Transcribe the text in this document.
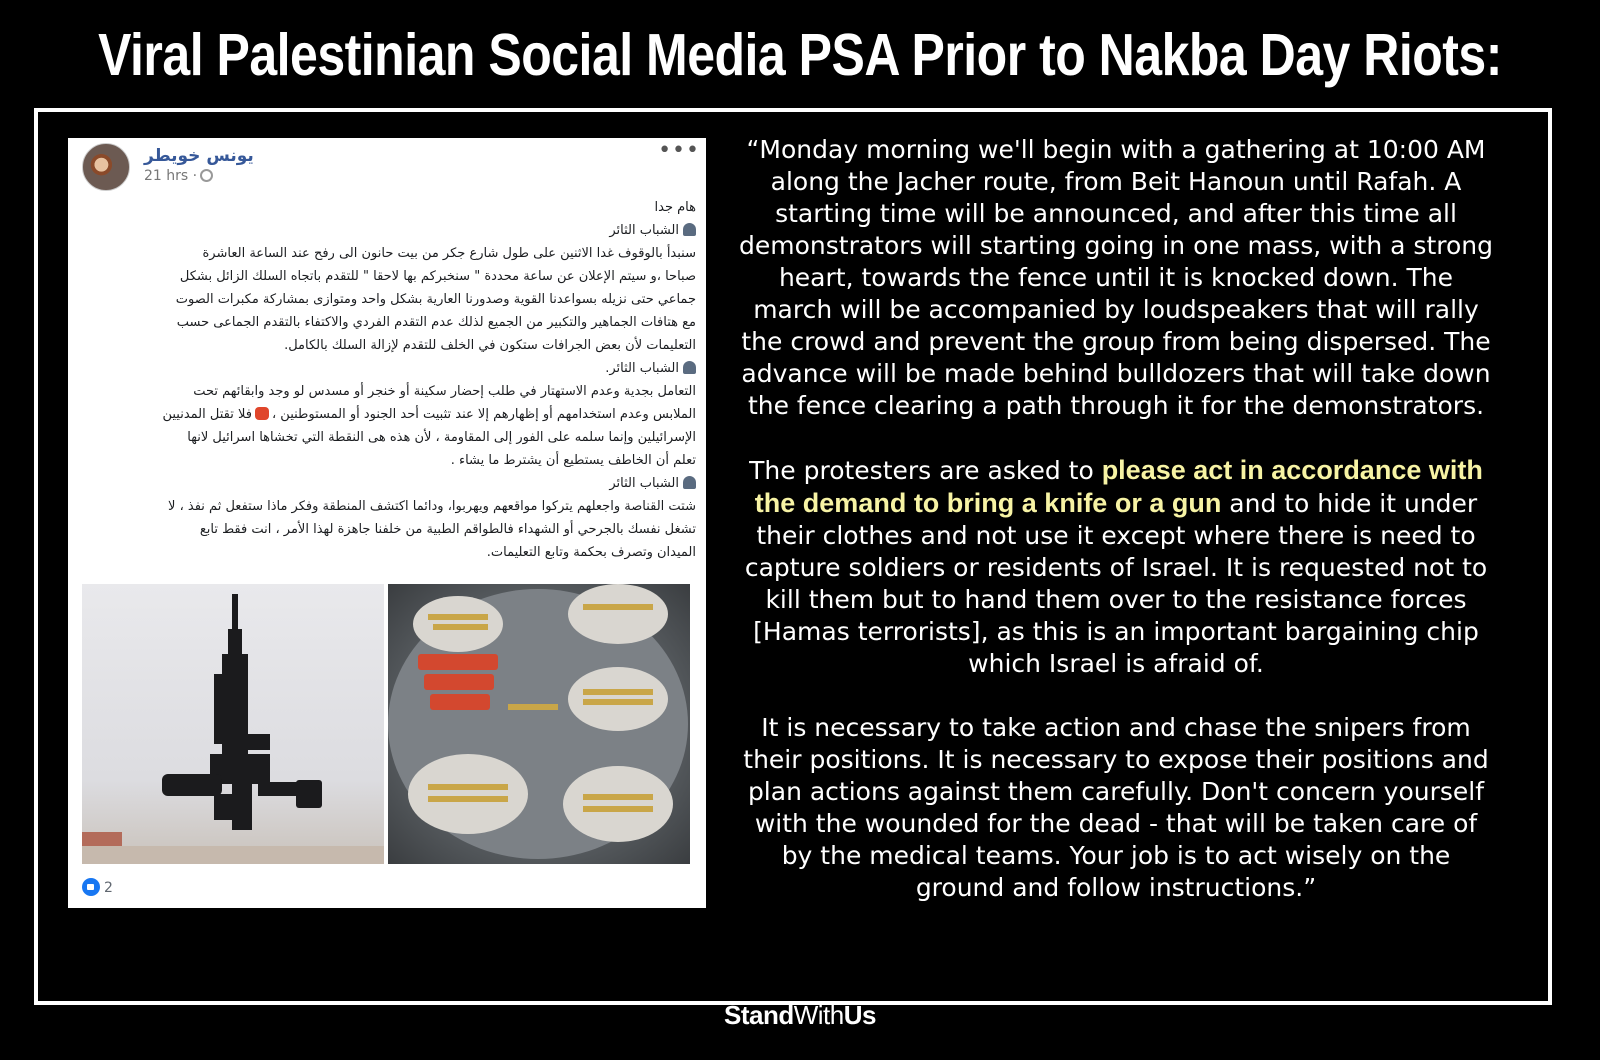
Viral Palestinian Social Media PSA Prior to Nakba Day Riots:
يونس خويطر
21 hrs ·
•••
هام جدا
الشباب الثائر
سنبدأ بالوقوف غدا الاثنين على طول شارع جكر من بيت حانون الى رفح عند الساعة العاشرة
صباحا ،و سيتم الإعلان عن ساعة محددة " سنخبركم بها لاحقا " للتقدم باتجاه السلك الزائل بشكل
جماعي حتى نزيله بسواعدنا القوية وصدورنا العارية بشكل واحد ومتوازى بمشاركة مكبرات الصوت
مع هتافات الجماهير والتكبير من الجميع لذلك عدم التقدم الفردي والاكتفاء بالتقدم الجماعى حسب
التعليمات لأن بعض الجرافات ستكون في الخلف للتقدم لإزالة السلك بالكامل.
الشباب الثائر.
التعامل بجدية وعدم الاستهتار في طلب إحضار سكينة أو خنجر أو مسدس لو وجد وابقائهم تحت
الملابس وعدم استخدامهم أو إظهارهم إلا عند تثبيت أحد الجنود أو المستوطنين ،فلا تقتل المدنيين
الإسرائيلين وإنما سلمه على الفور إلى المقاومة ، لأن هذه هى النقطة التي تخشاها اسرائيل لانها
تعلم أن الخاطف يستطيع أن يشترط ما يشاء .
الشباب الثائر
شتت القناصة واجعلهم يتركوا مواقعهم ويهربوا، ودائما اكتشف المنطقة وفكر ماذا ستفعل ثم نفذ ، لا
تشغل نفسك بالجرحي أو الشهداء فالطواقم الطبية من خلفنا جاهزة لهذا الأمر ، انت فقط تابع
الميدان وتصرف بحكمة وتابع التعليمات.
2
“Monday morning we'll begin with a gathering at 10:00 AM along the Jacher route, from Beit Hanoun until Rafah. A starting time will be announced, and after this time all demonstrators will starting going in one mass, with a strong heart, towards the fence until it is knocked down. The march will be accompanied by loudspeakers that will rally the crowd and prevent the group from being dispersed. The advance will be made behind bulldozers that will take down the fence clearing a path through it for the demonstrators.
The protesters are asked to please act in accordance with the demand to bring a knife or a gun and to hide it under their clothes and not use it except where there is need to capture soldiers or residents of Israel. It is requested not to kill them but to hand them over to the resistance forces [Hamas terrorists], as this is an important bargaining chip which Israel is afraid of.
It is necessary to take action and chase the snipers from their positions. It is necessary to expose their positions and plan actions against them carefully. Don't concern yourself with the wounded for the dead - that will be taken care of by the medical teams. Your job is to act wisely on the ground and follow instructions.”
StandWithUs
